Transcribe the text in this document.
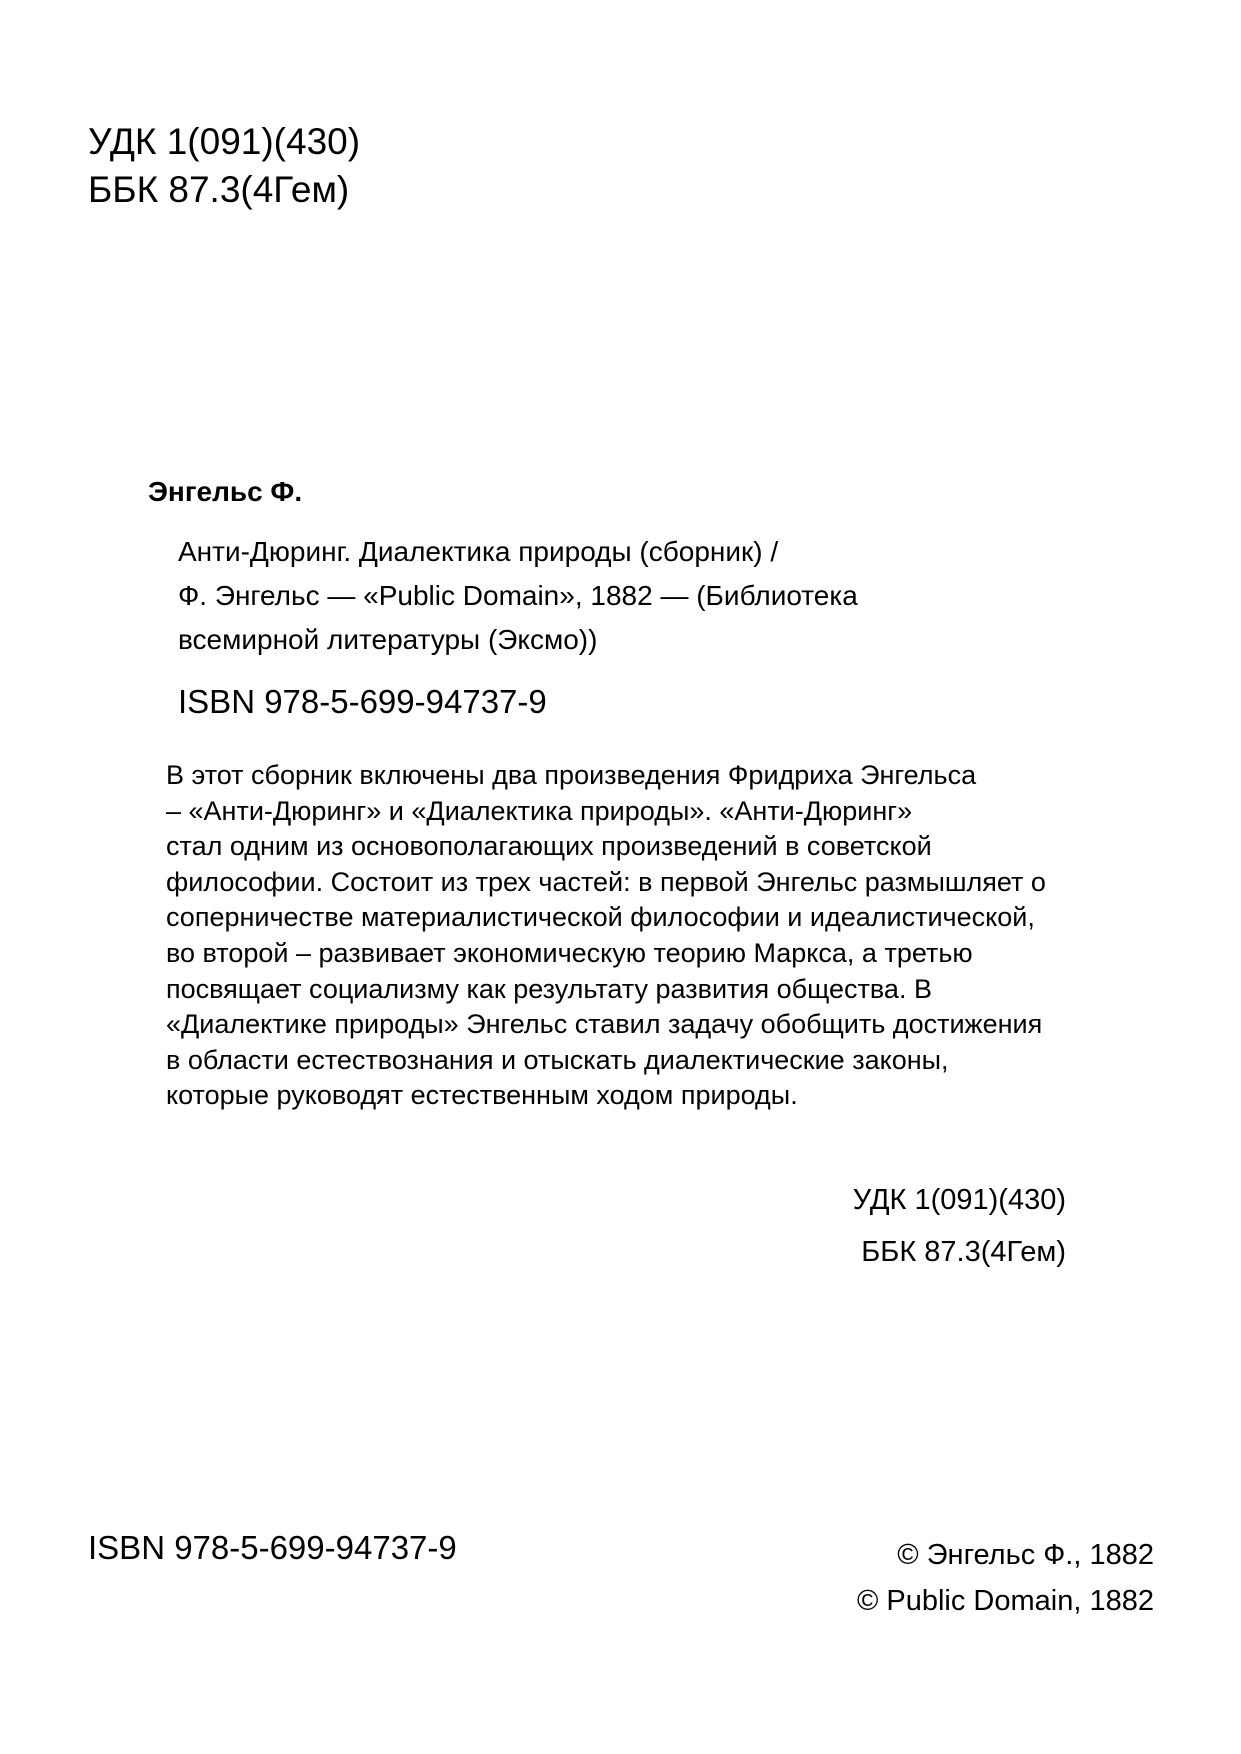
УДК 1(091)(430)

ББК 87.3(4Гем)

Энгельс Ф.

Анти-Дюринг. Диалектика природы (сборник) /
Ф. Энгельс — «Public Domain», 1882 — (Библиотека
всемирной литературы (Эксмо))

ISBN 978-5-699-94737-9

В этот сборник включены два произведения Фридриха Энгельса
– «Анти-Дюринг» и «Диалектика природы». «Анти-Дюринг»
стал одним из основополагающих произведений в советской
философии. Состоит из трех частей: в первой Энгельс размышляет о
соперничестве материалистической философии и идеалистической,
во второй – развивает экономическую теорию Маркса, а третью
посвящает социализму как результату развития общества. В
«Диалектике природы» Энгельс ставил задачу обобщить достижения
в области естествознания и отыскать диалектические законы,
которые руководят естественным ходом природы.
УДК 1(091)(430)
ББК 87.3(4Гем)

ISBN 978-5-699-94737-9	© Энгельс Ф., 1882
© Public Domain, 1882
